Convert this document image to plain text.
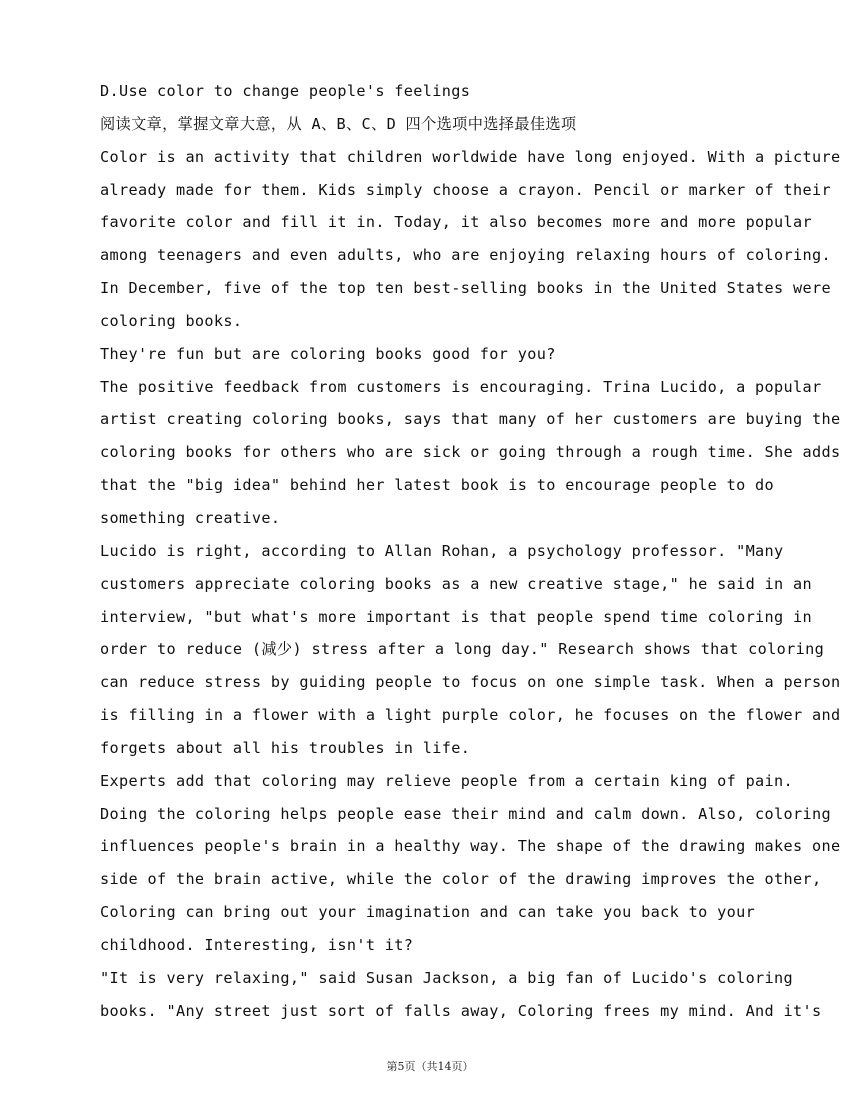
D.Use color to change people's feelings
阅读文章，掌握文章大意，从 A、B、C、D 四个选项中选择最佳选项
Color is an activity that children worldwide have long enjoyed. With a picture
already made for them. Kids simply choose a crayon. Pencil or marker of their
favorite color and fill it in. Today, it also becomes more and more popular
among teenagers and even adults, who are enjoying relaxing hours of coloring.
In December, five of the top ten best-selling books in the United States were
coloring books.
They're fun but are coloring books good for you?
The positive feedback from customers is encouraging. Trina Lucido, a popular
artist creating coloring books, says that many of her customers are buying the
coloring books for others who are sick or going through a rough time. She adds
that the "big idea" behind her latest book is to encourage people to do
something creative.
Lucido is right, according to Allan Rohan, a psychology professor. "Many
customers appreciate coloring books as a new creative stage," he said in an
interview, "but what's more important is that people spend time coloring in
order to reduce (减少) stress after a long day." Research shows that coloring
can reduce stress by guiding people to focus on one simple task. When a person
is filling in a flower with a light purple color, he focuses on the flower and
forgets about all his troubles in life.
Experts add that coloring may relieve people from a certain king of pain.
Doing the coloring helps people ease their mind and calm down. Also, coloring
influences people's brain in a healthy way. The shape of the drawing makes one
side of the brain active, while the color of the drawing improves the other,
Coloring can bring out your imagination and can take you back to your
childhood. Interesting, isn't it?
"It is very relaxing," said Susan Jackson, a big fan of Lucido's coloring
books. "Any street just sort of falls away, Coloring frees my mind. And it's
第5页（共14页）
